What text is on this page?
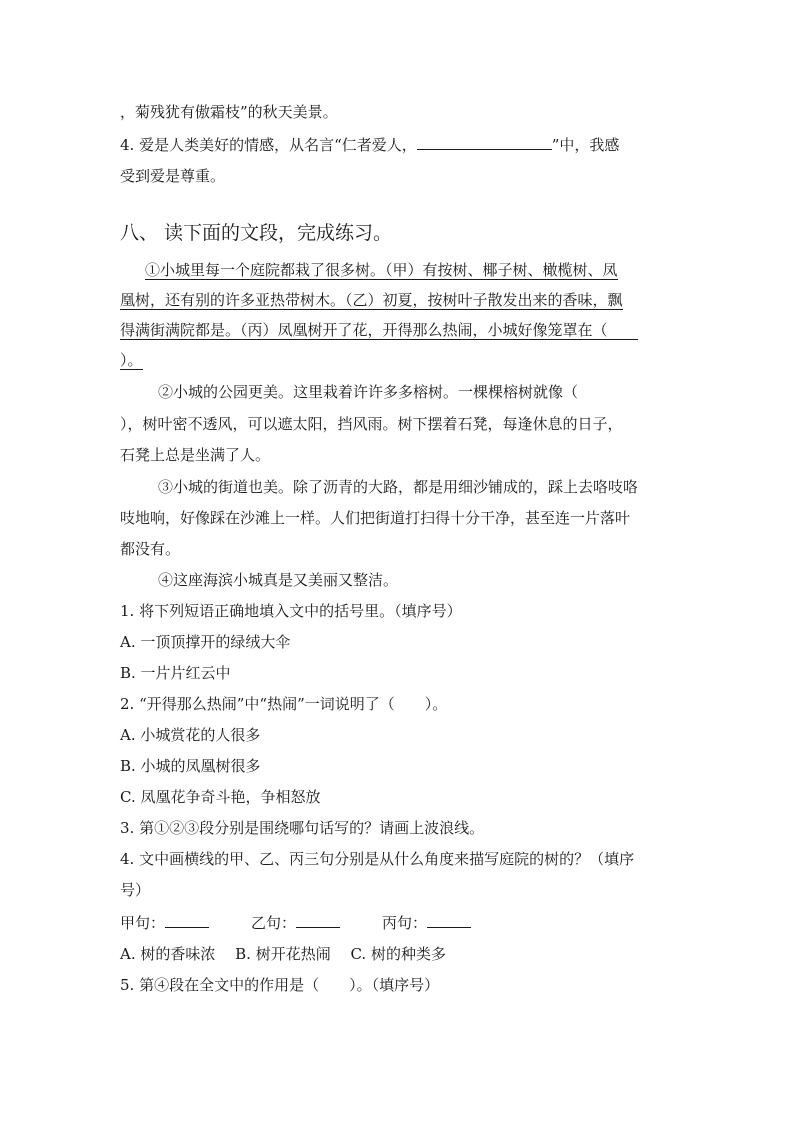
，菊残犹有傲霜枝”的秋天美景。
4. 爱是人类美好的情感，从名言“仁者爱人，	”中，我感
受到爱是尊重。
八、 读下面的文段，完成练习。
①小城里每一个庭院都栽了很多树。（甲）有按树、椰子树、橄榄树、凤
凰树，还有别的许多亚热带树木。（乙）初夏，按树叶子散发出来的香味，飘
得满街满院都是。（丙）凤凰树开了花，开得那么热闹，小城好像笼罩在（　　
）。
②小城的公园更美。这里栽着许许多多榕树。一棵棵榕树就像（
），树叶密不透风，可以遮太阳，挡风雨。树下摆着石凳，每逢休息的日子，
石凳上总是坐满了人。
③小城的街道也美。除了沥青的大路，都是用细沙铺成的，踩上去咯吱咯
吱地响，好像踩在沙滩上一样。人们把街道打扫得十分干净，甚至连一片落叶
都没有。
④这座海滨小城真是又美丽又整洁。
1. 将下列短语正确地填入文中的括号里。（填序号）
A. 一顶顶撑开的绿绒大伞
B. 一片片红云中
2. “开得那么热闹”中“热闹”一词说明了（　　）。
A. 小城赏花的人很多
B. 小城的凤凰树很多
C. 凤凰花争奇斗艳，争相怒放
3. 第①②③段分别是围绕哪句话写的？请画上波浪线。
4. 文中画横线的甲、乙、丙三句分别是从什么角度来描写庭院的树的？（填序
号）
甲句：	乙句：	丙句：
A. 树的香味浓　 B. 树开花热闹　 C. 树的种类多
5. 第④段在全文中的作用是（　　）。（填序号）
